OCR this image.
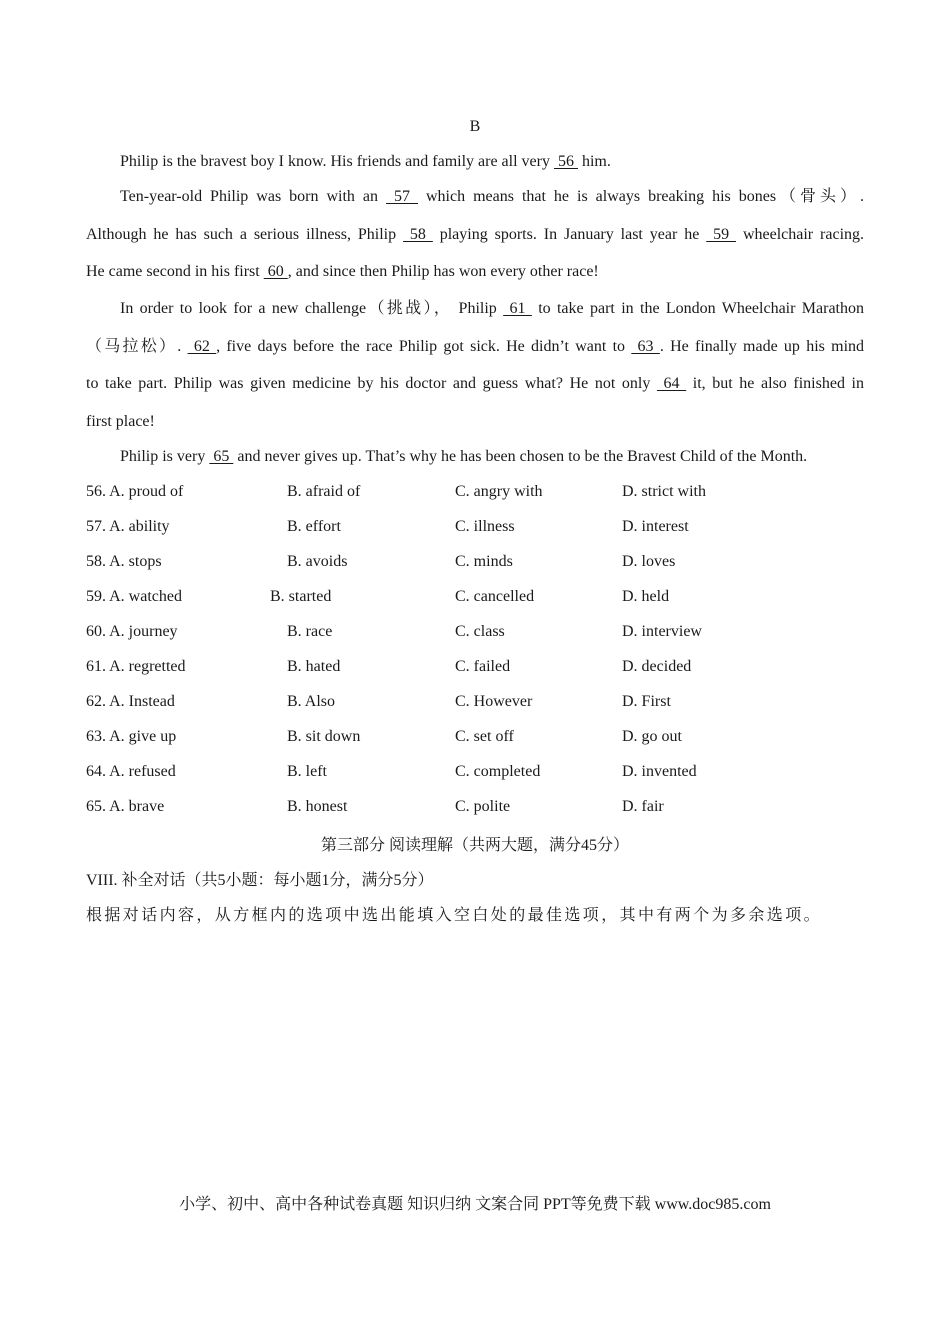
B
Philip is the bravest boy I know. His friends and family are all very  56  him.
Ten-year-old Philip was born with an  57  which means that he is always breaking his bones（骨头）.
Although he has such a serious illness, Philip  58  playing sports. In January last year he  59  wheelchair racing.
He came second in his first  60 , and since then Philip has won every other race!
In order to look for a new challenge（挑战）， Philip  61  to take part in the London Wheelchair Marathon
（马拉松）.  62 , five days before the race Philip got sick. He didn’t want to  63 . He finally made up his mind
to take part. Philip was given medicine by his doctor and guess what? He not only  64  it, but he also finished in
first place!
Philip is very  65  and never gives up. That’s why he has been chosen to be the Bravest Child of the Month.
56. A. proud of	B. afraid of	C. angry with	D. strict with
57. A. ability	B. effort	C. illness	D. interest
58. A. stops	B. avoids	C. minds	D. loves
59. A. watched	B. started	C. cancelled	D. held
60. A. journey	B. race	C. class	D. interview
61. A. regretted	B. hated	C. failed	D. decided
62. A. Instead	B. Also	C. However	D. First
63. A. give up	B. sit down	C. set off	D. go out
64. A. refused	B. left	C. completed	D. invented
65. A. brave	B. honest	C. polite	D. fair
第三部分 阅读理解（共两大题，满分45分）
VIII. 补全对话（共5小题：每小题1分，满分5分）
根据对话内容，从方框内的选项中选出能填入空白处的最佳选项，其中有两个为多余选项。
小学、初中、高中各种试卷真题 知识归纳 文案合同 PPT等免费下载 www.doc985.com
